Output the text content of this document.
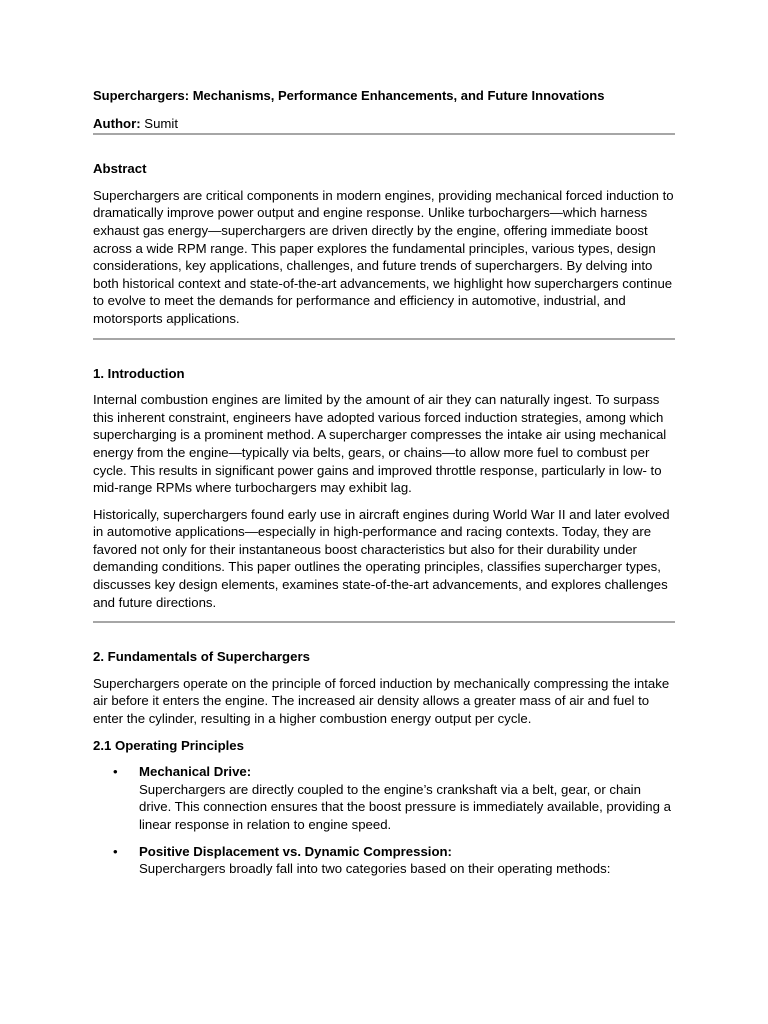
Superchargers: Mechanisms, Performance Enhancements, and Future Innovations
Author: Sumit
Abstract

Superchargers are critical components in modern engines, providing mechanical forced induction to dramatically improve power output and engine response. Unlike turbochargers—which harness exhaust gas energy—superchargers are driven directly by the engine, offering immediate boost across a wide RPM range. This paper explores the fundamental principles, various types, design considerations, key applications, challenges, and future trends of superchargers. By delving into both historical context and state-of-the-art advancements, we highlight how superchargers continue to evolve to meet the demands for performance and efficiency in automotive, industrial, and motorsports applications.

1. Introduction

Internal combustion engines are limited by the amount of air they can naturally ingest. To surpass this inherent constraint, engineers have adopted various forced induction strategies, among which supercharging is a prominent method. A supercharger compresses the intake air using mechanical energy from the engine—typically via belts, gears, or chains—to allow more fuel to combust per cycle. This results in significant power gains and improved throttle response, particularly in low- to mid-range RPMs where turbochargers may exhibit lag.

Historically, superchargers found early use in aircraft engines during World War II and later evolved in automotive applications—especially in high-performance and racing contexts. Today, they are favored not only for their instantaneous boost characteristics but also for their durability under demanding conditions. This paper outlines the operating principles, classifies supercharger types, discusses key design elements, examines state-of-the-art advancements, and explores challenges and future directions.

2. Fundamentals of Superchargers

Superchargers operate on the principle of forced induction by mechanically compressing the intake air before it enters the engine. The increased air density allows a greater mass of air and fuel to enter the cylinder, resulting in a higher combustion energy output per cycle.

2.1 Operating Principles
• Mechanical Drive:
Superchargers are directly coupled to the engine’s crankshaft via a belt, gear, or chain drive. This connection ensures that the boost pressure is immediately available, providing a linear response in relation to engine speed.
• Positive Displacement vs. Dynamic Compression:
Superchargers broadly fall into two categories based on their operating methods:
